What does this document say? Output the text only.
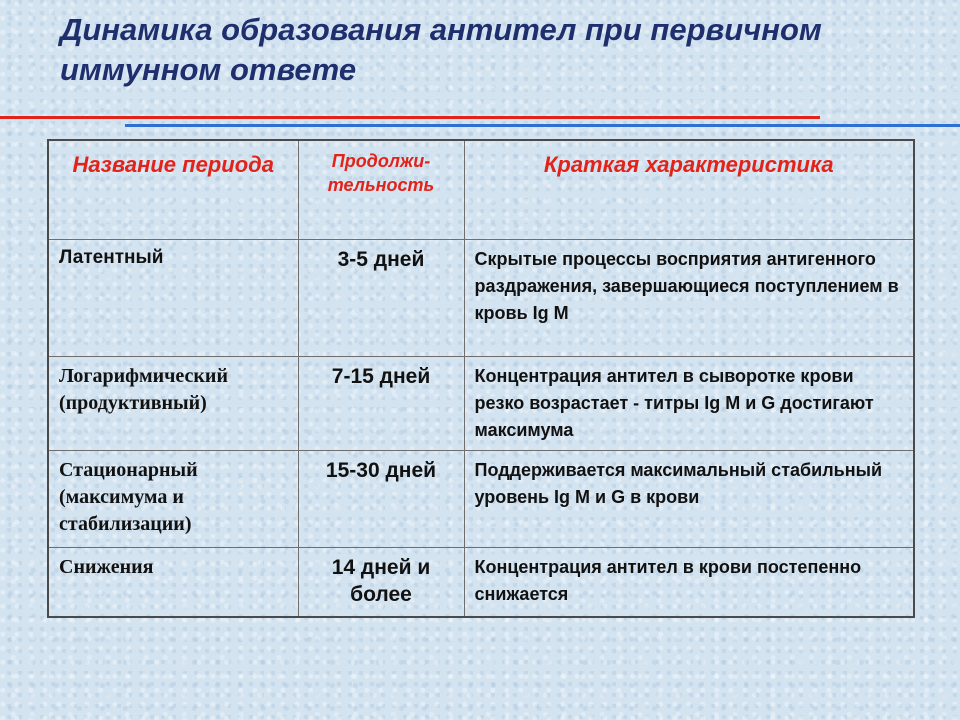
Динамика образования антител при первичном иммунном ответе
Название периода	Продолжи-тельность	Краткая характеристика
Латентный	3-5 дней	Скрытые процессы восприятия антигенного раздражения, завершающиеся поступлением в кровь Ig M
Логарифмический (продуктивный)	7-15 дней	Концентрация антител в сыворотке крови резко возрастает - титры Ig M и G достигают максимума
Стационарный (максимума и стабилизации)	15-30 дней	Поддерживается максимальный стабильный уровень Ig M и G в крови
Снижения	14 дней и более	Концентрация антител в крови постепенно снижается
